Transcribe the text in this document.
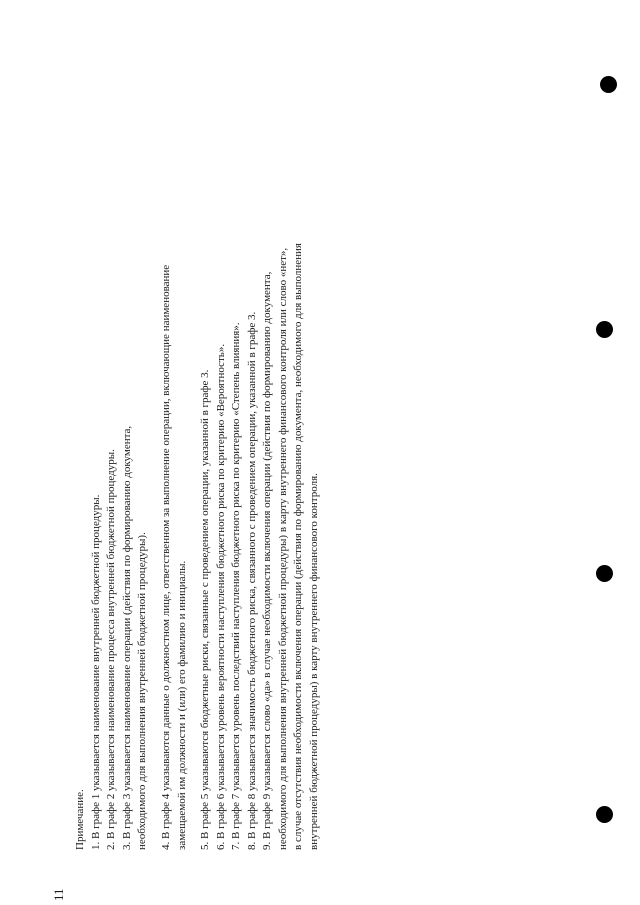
11
Примечание. 1. В графе 1 указывается наименование внутренней бюджетной процедуры. 2. В графе 2 указывается наименование процесса внутренней бюджетной процедуры. 3. В графе 3 указывается наименование операции (действия по формированию документа, необходимого для выполнения внутренней бюджетной процедуры). 4. В графе 4 указываются данные о должностном лице, ответственном за выполнение операции, включающие наименование замещаемой им должности и (или) его фамилию и инициалы. 5. В графе 5 указываются бюджетные риски, связанные с проведением операции, указанной в графе 3. 6. В графе 6 указывается уровень вероятности наступления бюджетного риска по критерию «Вероятность». 7. В графе 7 указывается уровень последствий наступления бюджетного риска по критерию «Степень влияния». 8. В графе 8 указывается значимость бюджетного риска, связанного с проведением операции, указанной в графе 3. 9. В графе 9 указывается слово «да» в случае необходимости включения операции (действия по формированию документа, необходимого для выполнения внутренней бюджетной процедуры) в карту внутреннего финансового контроля или слово «нет», в случае отсутствия необходимости включения операции (действия по формированию документа, необходимого для выполнения внутренней бюджетной процедуры) в карту внутреннего финансового контроля.
